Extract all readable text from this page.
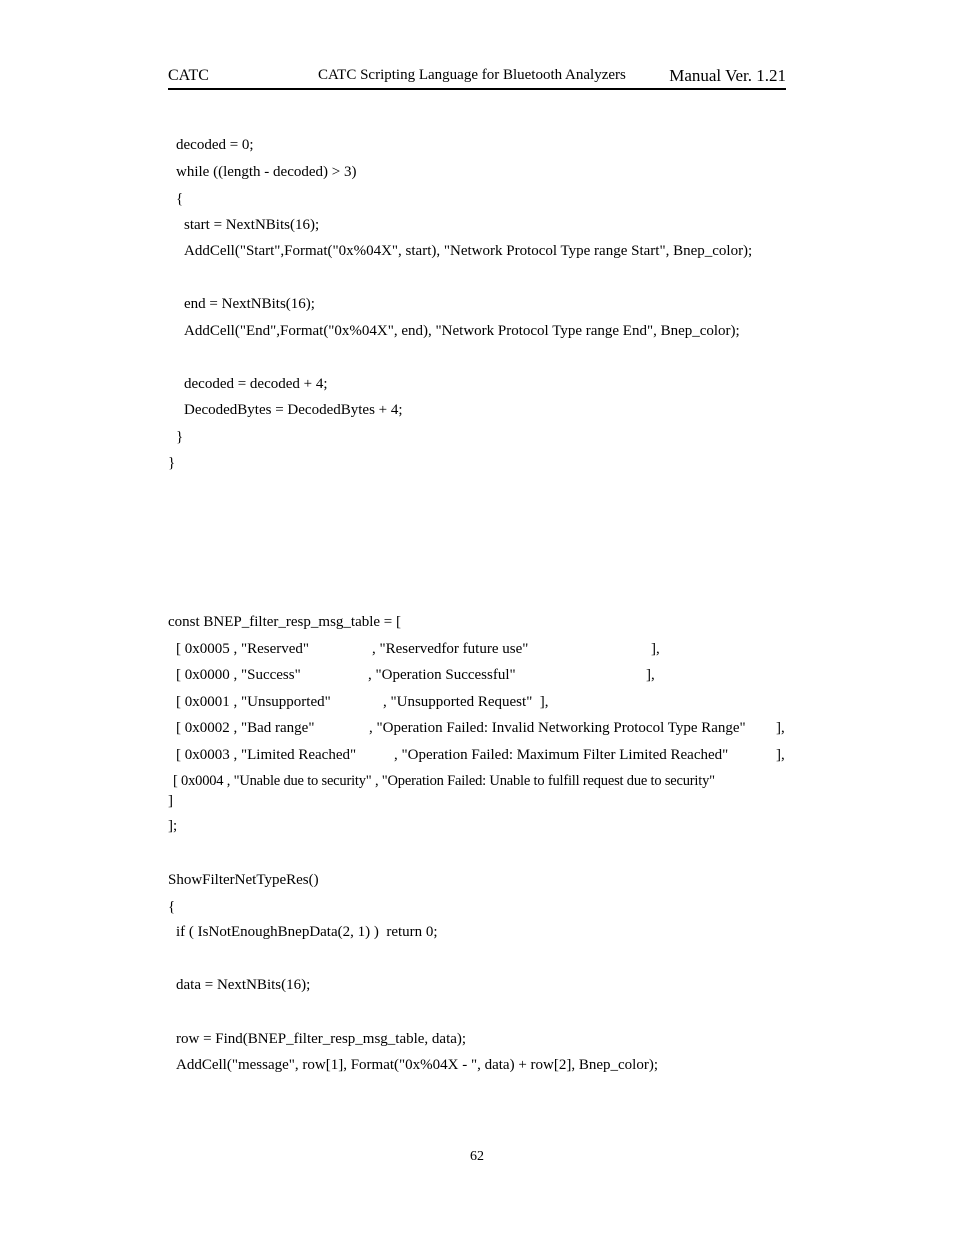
CATC	CATC Scripting Language for Bluetooth Analyzers	Manual Ver. 1.21
decoded = 0;
while ((length - decoded) > 3)
{
start = NextNBits(16);
AddCell("Start",Format("0x%04X", start), "Network Protocol Type range Start", Bnep_color);
end = NextNBits(16);
AddCell("End",Format("0x%04X", end), "Network Protocol Type range End", Bnep_color);
decoded = decoded + 4;
DecodedBytes = DecodedBytes + 4;
}
}
const BNEP_filter_resp_msg_table = [
[ 0x0005 , "Reserved"	, "Reservedfor future use"	],
[ 0x0000 , "Success"	, "Operation Successful"	],
[ 0x0001 , "Unsupported"	, "Unsupported Request"  ],
[ 0x0002 , "Bad range"	, "Operation Failed: Invalid Networking Protocol Type Range" ],
[ 0x0003 , "Limited Reached"	, "Operation Failed: Maximum Filter Limited Reached"	],
[ 0x0004 , "Unable due to security" , "Operation Failed: Unable to fulfill request due to security"
]
];
ShowFilterNetTypeRes()
{
if ( IsNotEnoughBnepData(2, 1) )  return 0;
data = NextNBits(16);
row = Find(BNEP_filter_resp_msg_table, data);
AddCell("message", row[1], Format("0x%04X - ", data) + row[2], Bnep_color);
62
